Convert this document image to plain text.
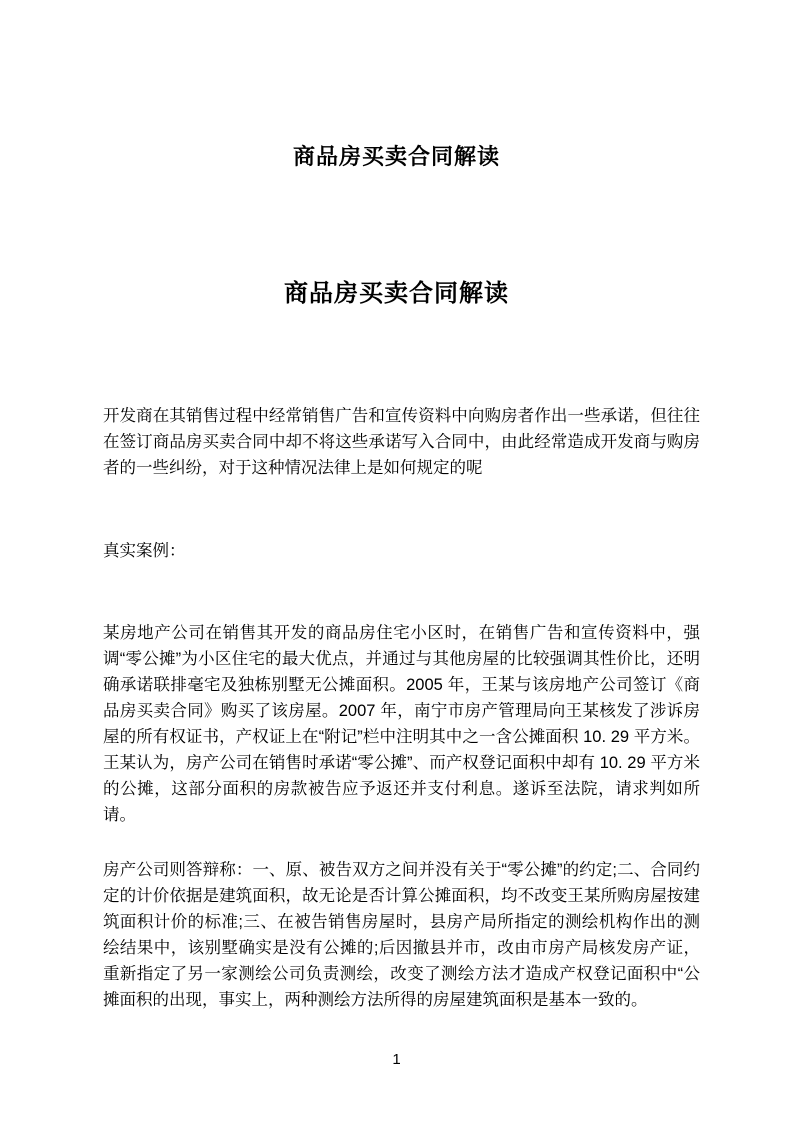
商品房买卖合同解读
商品房买卖合同解读
开发商在其销售过程中经常销售广告和宣传资料中向购房者作出一些承诺，但往往在签订商品房买卖合同中却不将这些承诺写入合同中，由此经常造成开发商与购房者的一些纠纷，对于这种情况法律上是如何规定的呢
真实案例：
某房地产公司在销售其开发的商品房住宅小区时，在销售广告和宣传资料中，强调“零公摊”为小区住宅的最大优点，并通过与其他房屋的比较强调其性价比，还明确承诺联排毫宅及独栋别墅无公摊面积。2005 年，王某与该房地产公司签订《商品房买卖合同》购买了该房屋。2007 年，南宁市房产管理局向王某核发了涉诉房屋的所有权证书，产权证上在“附记”栏中注明其中之一含公摊面积 10. 29 平方米。王某认为，房产公司在销售时承诺“零公摊”、而产权登记面积中却有 10. 29 平方米的公摊，这部分面积的房款被告应予返还并支付利息。遂诉至法院，请求判如所请。
房产公司则答辩称：一、原、被告双方之间并没有关于“零公摊”的约定;二、合同约定的计价依据是建筑面积，故无论是否计算公摊面积，均不改变王某所购房屋按建筑面积计价的标准;三、在被告销售房屋时，县房产局所指定的测绘机构作出的测绘结果中，该别墅确实是没有公摊的;后因撤县并市，改由市房产局核发房产证，重新指定了另一家测绘公司负责测绘，改变了测绘方法才造成产权登记面积中“公摊面积的出现，事实上，两种测绘方法所得的房屋建筑面积是基本一致的。
1
